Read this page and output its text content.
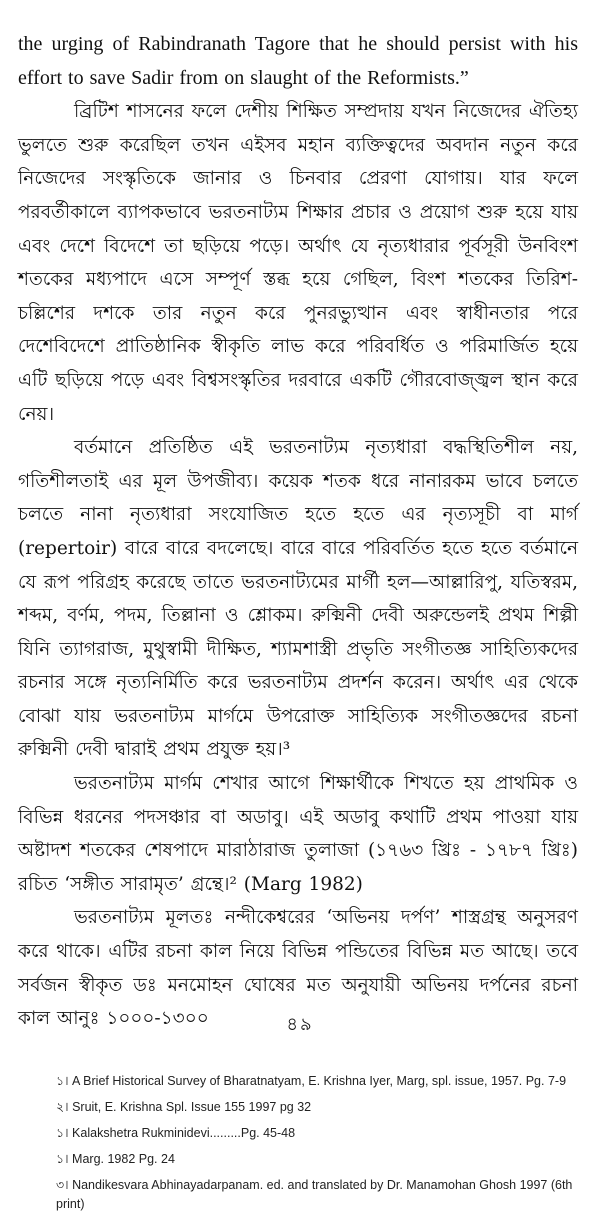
the urging of Rabindranath Tagore that he should persist with his effort to save Sadir from on slaught of the Reformists.”

ব্রিটিশ শাসনের ফলে দেশীয় শিক্ষিত সম্প্রদায় যখন নিজেদের ঐতিহ্য ভুলতে শুরু করেছিল তখন এইসব মহান ব্যক্তিত্বদের অবদান নতুন করে নিজেদের সংস্কৃতিকে জানার ও চিনবার প্রেরণা যোগায়। যার ফলে পরবর্তীকালে ব্যাপকভাবে ভরতনাট্যম শিক্ষার প্রচার ও প্রয়োগ শুরু হয়ে যায় এবং দেশে বিদেশে তা ছড়িয়ে পড়ে। অর্থাৎ যে নৃত্যধারার পূর্বসূরী উনবিংশ শতকের মধ্যপাদে এসে সম্পূর্ণ স্তব্ধ হয়ে গেছিল, বিংশ শতকের তিরিশ-চল্লিশের দশকে তার নতুন করে পুনরভ্যুত্থান এবং স্বাধীনতার পরে দেশেবিদেশে প্রাতিষ্ঠানিক স্বীকৃতি লাভ করে পরিবর্ধিত ও পরিমার্জিত হয়ে এটি ছড়িয়ে পড়ে এবং বিশ্বসংস্কৃতির দরবারে একটি গৌরবোজ্জ্বল স্থান করে নেয়।

বর্তমানে প্রতিষ্ঠিত এই ভরতনাট্যম নৃত্যধারা বদ্ধস্থিতিশীল নয়, গতিশীলতাই এর মূল উপজীব্য। কয়েক শতক ধরে নানারকম ভাবে চলতে চলতে নানা নৃত্যধারা সংযোজিত হতে হতে এর নৃত্যসূচী বা মার্গ (repertoir) বারে বারে বদলেছে। বারে বারে পরিবর্তিত হতে হতে বর্তমানে যে রূপ পরিগ্রহ করেছে তাতে ভরতনাট্যমের মার্গী হল—আল্লারিপু, যতিস্বরম, শব্দম, বর্ণম, পদম, তিল্লানা ও শ্লোকম। রুক্মিনী দেবী অরুন্ডেলই প্রথম শিল্পী যিনি ত্যাগরাজ, মুথুস্বামী দীক্ষিত, শ্যামশাস্ত্রী প্রভৃতি সংগীতজ্ঞ সাহিত্যিকদের রচনার সঙ্গে নৃত্যনির্মিতি করে ভরতনাট্যম প্রদর্শন করেন। অর্থাৎ এর থেকে বোঝা যায় ভরতনাট্যম মার্গমে উপরোক্ত সাহিত্যিক সংগীতজ্ঞদের রচনা রুক্মিনী দেবী দ্বারাই প্রথম প্রযুক্ত হয়।³

ভরতনাট্যম মার্গম শেখার আগে শিক্ষার্থীকে শিখতে হয় প্রাথমিক ও বিভিন্ন ধরনের পদসঞ্চার বা অডাবু। এই অডাবু কথাটি প্রথম পাওয়া যায় অষ্টাদশ শতকের শেষপাদে মারাঠারাজ তুলাজা (১৭৬৩ খ্রিঃ - ১৭৮৭ খ্রিঃ) রচিত ‘সঙ্গীত সারামৃত’ গ্রন্থে।² (Marg 1982)

ভরতনাট্যম মূলতঃ নন্দীকেশ্বরের ‘অভিনয় দর্পণ’ শাস্ত্রগ্রন্থ অনুসরণ করে থাকে। এটির রচনা কাল নিয়ে বিভিন্ন পন্ডিতের বিভিন্ন মত আছে। তবে সর্বজন স্বীকৃত ডঃ মনমোহন ঘোষের মত অনুযায়ী অভিনয় দর্পনের রচনা কাল আনুঃ ১০০০-১৩০০

১। A Brief Historical Survey of Bharatnatyam, E. Krishna Iyer, Marg, spl. issue, 1957. Pg. 7-9

২। Sruit, E. Krishna Spl. Issue 155 1997 pg 32

১। Kalakshetra Rukminidevi.........Pg. 45-48

১। Marg. 1982 Pg. 24

৩। Nandikesvara Abhinayadarpanam. ed. and translated by Dr. Manamohan Ghosh 1997 (6th print)

৪৯
